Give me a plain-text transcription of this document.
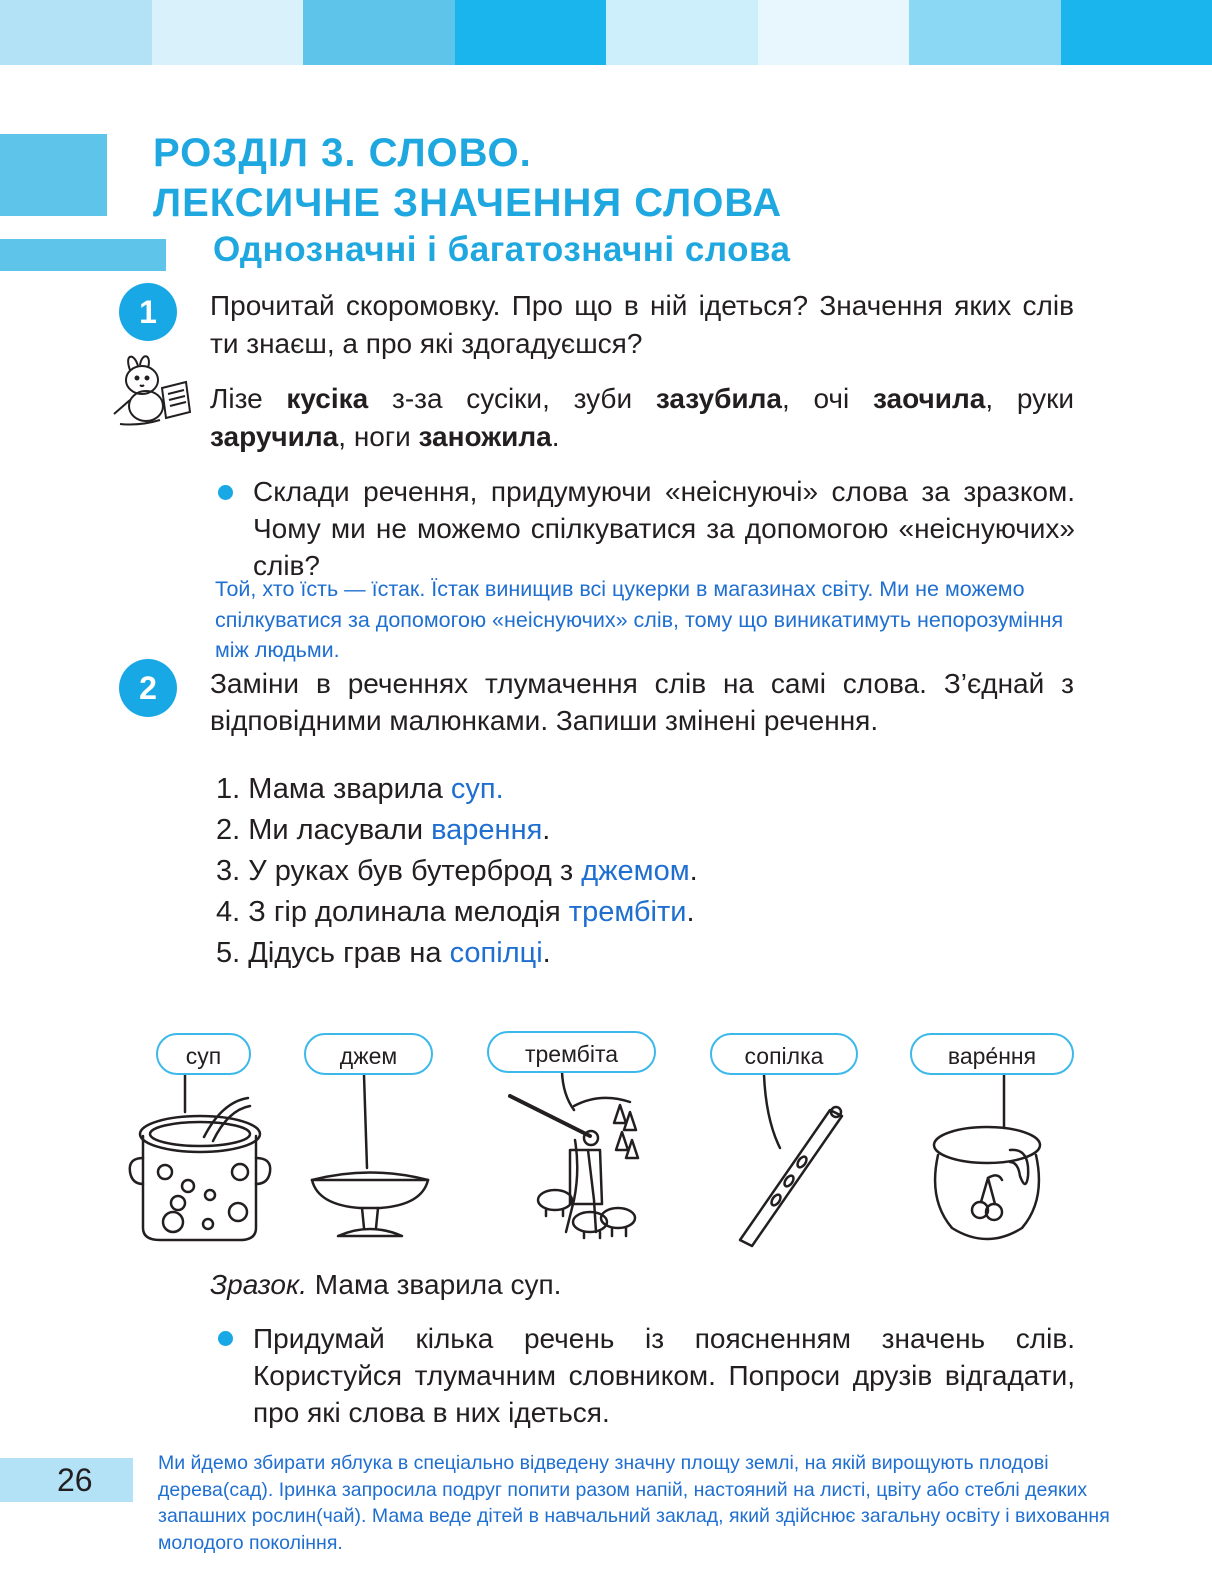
РОЗДІЛ 3. СЛОВО.
ЛЕКСИЧНЕ ЗНАЧЕННЯ СЛОВА
Однозначні і багатозначні слова
1	Прочитай скоромовку. Про що в ній ідеться? Значення яких слів ти знаєш, а про які здогадуєшся?
Лізе кусіка з-за сусіки, зуби зазубила, очі заочила, руки заручила, ноги заножила.
Склади речення, придумуючи «неіснуючі» слова за зразком. Чому ми не можемо спілкуватися за допомогою «неіснуючих» слів?
Той, хто їсть — їстак. Їстак винищив всі цукерки в магазинах світу. Ми не можемо спілкуватися за допомогою «неіснуючих» слів, тому що виникатимуть непорозуміння між людьми.
2	Заміни в реченнях тлумачення слів на самі слова. З’єднай з відповідними малюнками. Запиши змінені речення.
1. Мама зварила суп.
2. Ми ласували варення.
3. У руках був бутерброд з джемом.
4. З гір долинала мелодія трембіти.
5. Дідусь грав на сопілці.
суп	джем	трембіта	сопілка	варе́ння
Зразок. Мама зварила суп.
Придумай кілька речень із поясненням значень слів. Користуйся тлумачним словником. Попроси друзів відгадати, про які слова в них ідеться.
26	Ми йдемо збирати яблука в спеціально відведену значну площу землі, на якій вирощують плодові дерева(сад). Іринка запросила подруг попити разом напій, настояний на листі, цвіту або стеблі деяких запашних рослин(чай). Мама веде дітей в навчальний заклад, який здійснює загальну освіту і виховання молодого покоління.
